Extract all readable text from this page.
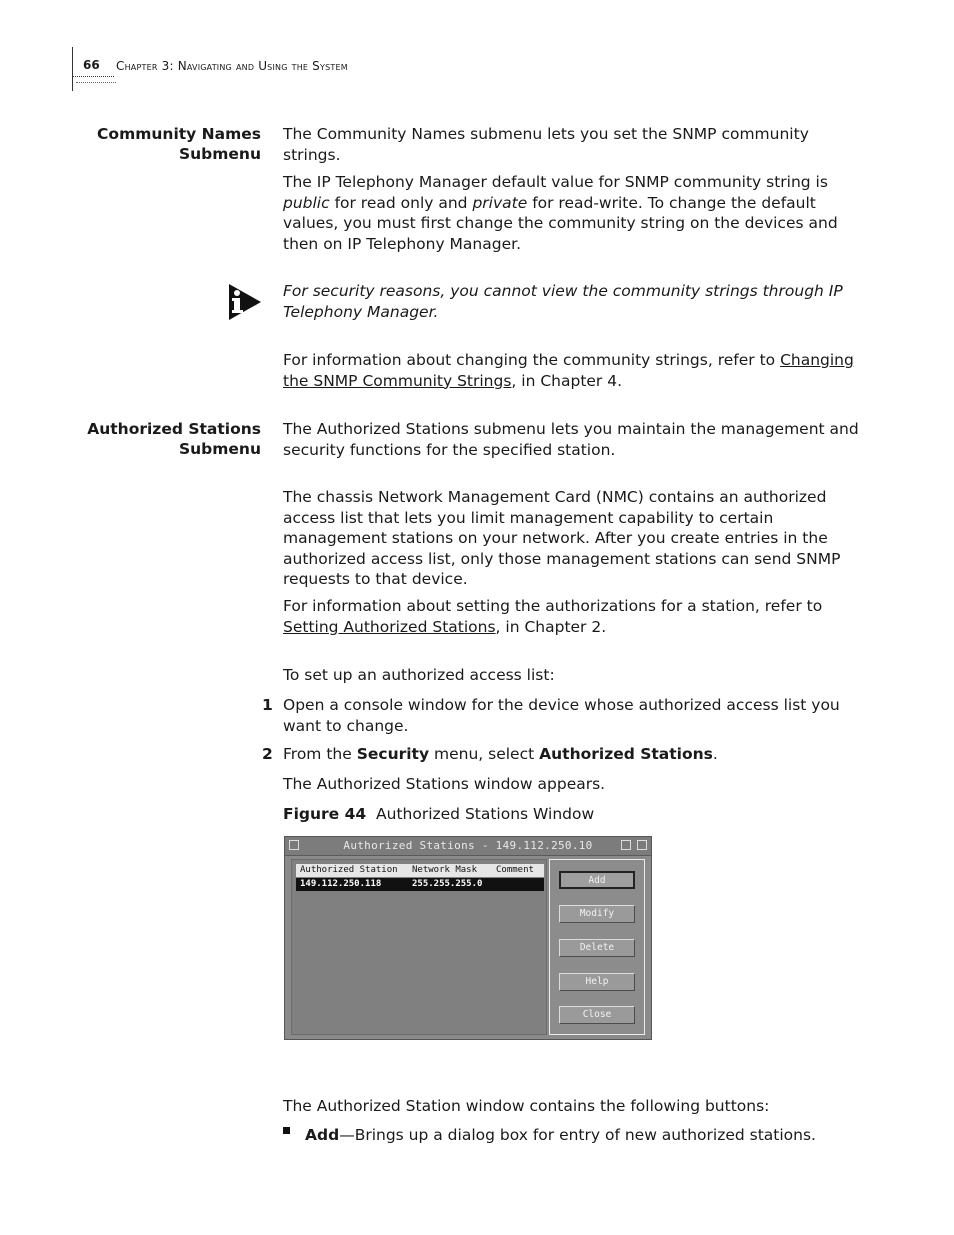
66 Chapter 3: Navigating and Using the System
Community Names
Submenu

The Community Names submenu lets you set the SNMP community strings.

The IP Telephony Manager default value for SNMP community string is public for read only and private for read-write. To change the default values, you must first change the community string on the devices and then on IP Telephony Manager.

For security reasons, you cannot view the community strings through IP Telephony Manager.

For information about changing the community strings, refer to Changing the SNMP Community Strings, in Chapter 4.

Authorized Stations
Submenu

The Authorized Stations submenu lets you maintain the management and security functions for the specified station.

The chassis Network Management Card (NMC) contains an authorized access list that lets you limit management capability to certain management stations on your network. After you create entries in the authorized access list, only those management stations can send SNMP requests to that device.

For information about setting the authorizations for a station, refer to Setting Authorized Stations, in Chapter 2.

To set up an authorized access list:

1 Open a console window for the device whose authorized access list you want to change.

2 From the Security menu, select Authorized Stations.

The Authorized Stations window appears.

Figure 44 Authorized Stations Window

Authorized Stations - 149.112.250.10
Authorized Station Network Mask Comment
149.112.250.118	255.255.255.0	Add
Modify
Delete
Help
Close

The Authorized Station window contains the following buttons:

Add—Brings up a dialog box for entry of new authorized stations.
